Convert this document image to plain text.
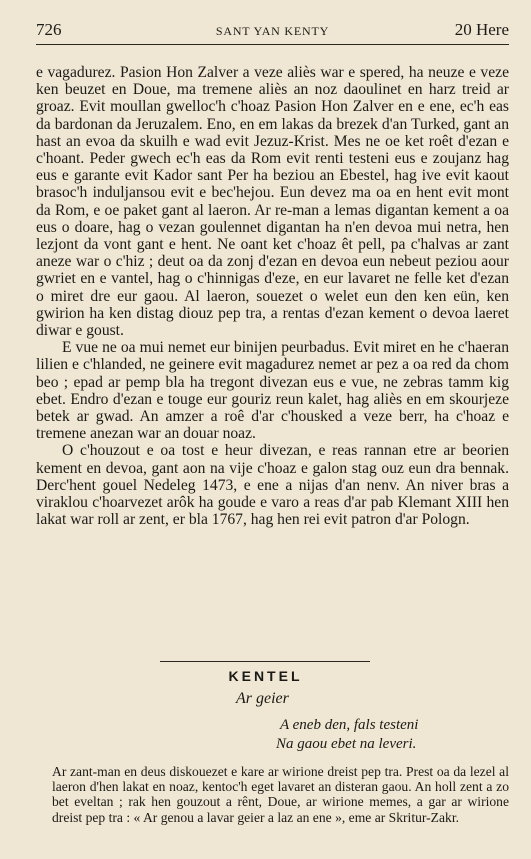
726	SANT YAN KENTY	20 Here

e vagadurez. Pasion Hon Zalver a veze aliès war e spered, ha neuze e veze ken beuzet en Doue, ma tremene aliès an noz daoulinet en harz treid ar groaz. Evit moullan gwelloc'h c'hoaz Pasion Hon Zalver en e ene, ec'h eas da bardonan da Jeruzalem. Eno, en em lakas da brezek d'an Turked, gant an hast an evoa da skuilh e wad evit Jezuz-Krist. Mes ne oe ket roêt d'ezan e c'hoant. Peder gwech ec'h eas da Rom evit renti testeni eus e zoujanz hag eus e garante evit Kador sant Per ha beziou an Ebestel, hag ive evit kaout brasoc'h induljansou evit e bec'hejou. Eun devez ma oa en hent evit mont da Rom, e oe paket gant al laeron. Ar re-man a lemas digantan kement a oa eus o doare, hag o vezan goulennet digantan ha n'en devoa mui netra, hen lezjont da vont gant e hent. Ne oant ket c'hoaz êt pell, pa c'halvas ar zant aneze war o c'hiz ; deut oa da zonj d'ezan en devoa eun nebeut peziou aour gwriet en e vantel, hag o c'hinnigas d'eze, en eur lavaret ne felle ket d'ezan o miret dre eur gaou. Al laeron, souezet o welet eun den ken eün, ken gwirion ha ken distag diouz pep tra, a rentas d'ezan kement o devoa laeret diwar e goust.

E vue ne oa mui nemet eur binijen peurbadus. Evit miret en he c'haeran lilien e c'hlanded, ne geinere evit magadurez nemet ar pez a oa red da chom beo ; epad ar pemp bla ha tregont divezan eus e vue, ne zebras tamm kig ebet. Endro d'ezan e touge eur gouriz reun kalet, hag aliès en em skourjeze betek ar gwad. An amzer a roê d'ar c'housked a veze berr, ha c'hoaz e tremene anezan war an douar noaz.

O c'houzout e oa tost e heur divezan, e reas rannan etre ar beorien kement en devoa, gant aon na vije c'hoaz e galon stag ouz eun dra bennak. Derc'hent gouel Nedeleg 1473, e ene a nijas d'an nenv. An niver bras a viraklou c'hoarvezet arôk ha goude e varo a reas d'ar pab Klemant XIII hen lakat war roll ar zent, er bla 1767, hag hen rei evit patron d'ar Pologn.

KENTEL
Ar geier
A eneb den, fals testeni
Na gaou ebet na leveri.

Ar zant-man en deus diskouezet e kare ar wirione dreist pep tra. Prest oa da lezel al laeron d'hen lakat en noaz, kentoc'h eget lavaret an disteran gaou. An holl zent a zo bet eveltan ; rak hen gouzout a rênt, Doue, ar wirione memes, a gar ar wirione dreist pep tra : « Ar genou a lavar geier a laz an ene », eme ar Skritur-Zakr.
